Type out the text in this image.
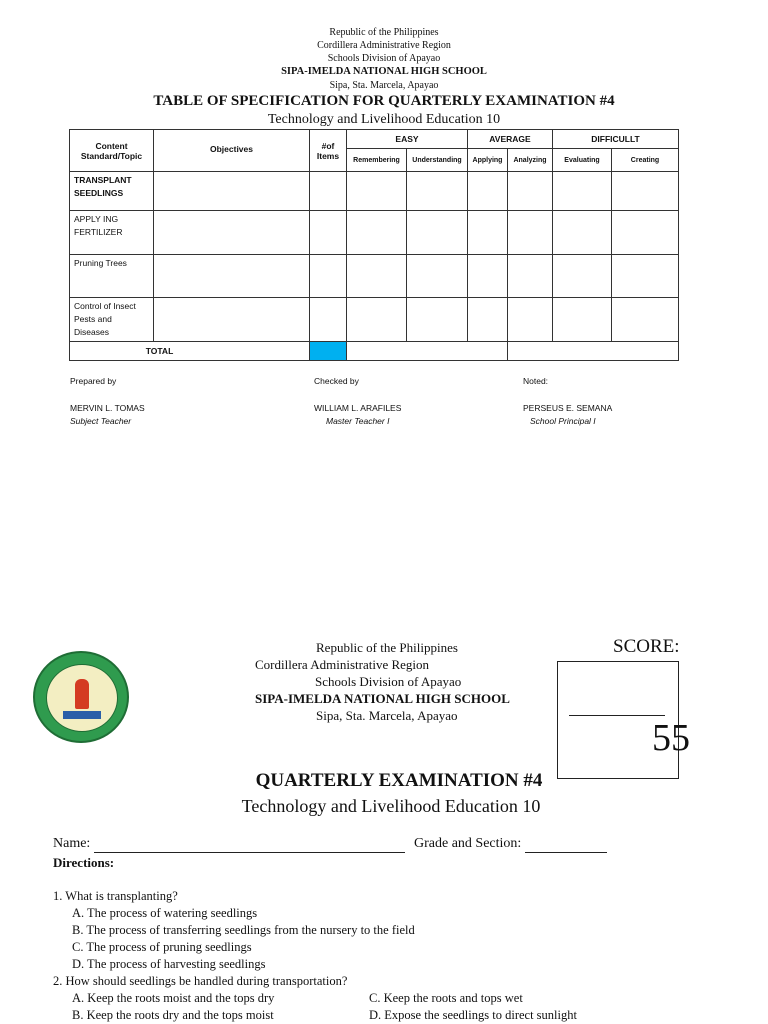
Republic of the Philippines
Cordillera Administrative Region
Schools Division of Apayao
SIPA-IMELDA NATIONAL HIGH SCHOOL
Sipa, Sta. Marcela, Apayao
TABLE OF SPECIFICATION FOR QUARTERLY EXAMINATION #4
Technology and Livelihood Education 10
Content Standard/Topic	Objectives	#of Items	EASY		AVERAGE		DIFFICULLT	
			Remembering	Understanding	Applying	Analyzing	Evaluating	Creating
TRANSPLANT SEEDLINGS								
APPLY ING FERTILIZER								
Pruning Trees								
Control of Insect Pests and Diseases								
TOTAL								
Prepared by
MERVIN L. TOMAS
Subject Teacher
Checked by
WILLIAM L. ARAFILES
Master Teacher I
Noted:
PERSEUS E. SEMANA
School Principal I
Republic of the Philippines
Cordillera Administrative Region
Schools Division of Apayao
SIPA-IMELDA NATIONAL HIGH SCHOOL
Sipa, Sta. Marcela, Apayao
SCORE:
55
QUARTERLY EXAMINATION #4
Technology and Livelihood Education 10
Name:	Grade and Section:
Directions:
1. What is transplanting?
A. The process of watering seedlings
B. The process of transferring seedlings from the nursery to the field
C. The process of pruning seedlings
D. The process of harvesting seedlings
2. How should seedlings be handled during transportation?
A. Keep the roots moist and the tops dry
B. Keep the roots dry and the tops moist
C. Keep the roots and tops wet
D. Expose the seedlings to direct sunlight
